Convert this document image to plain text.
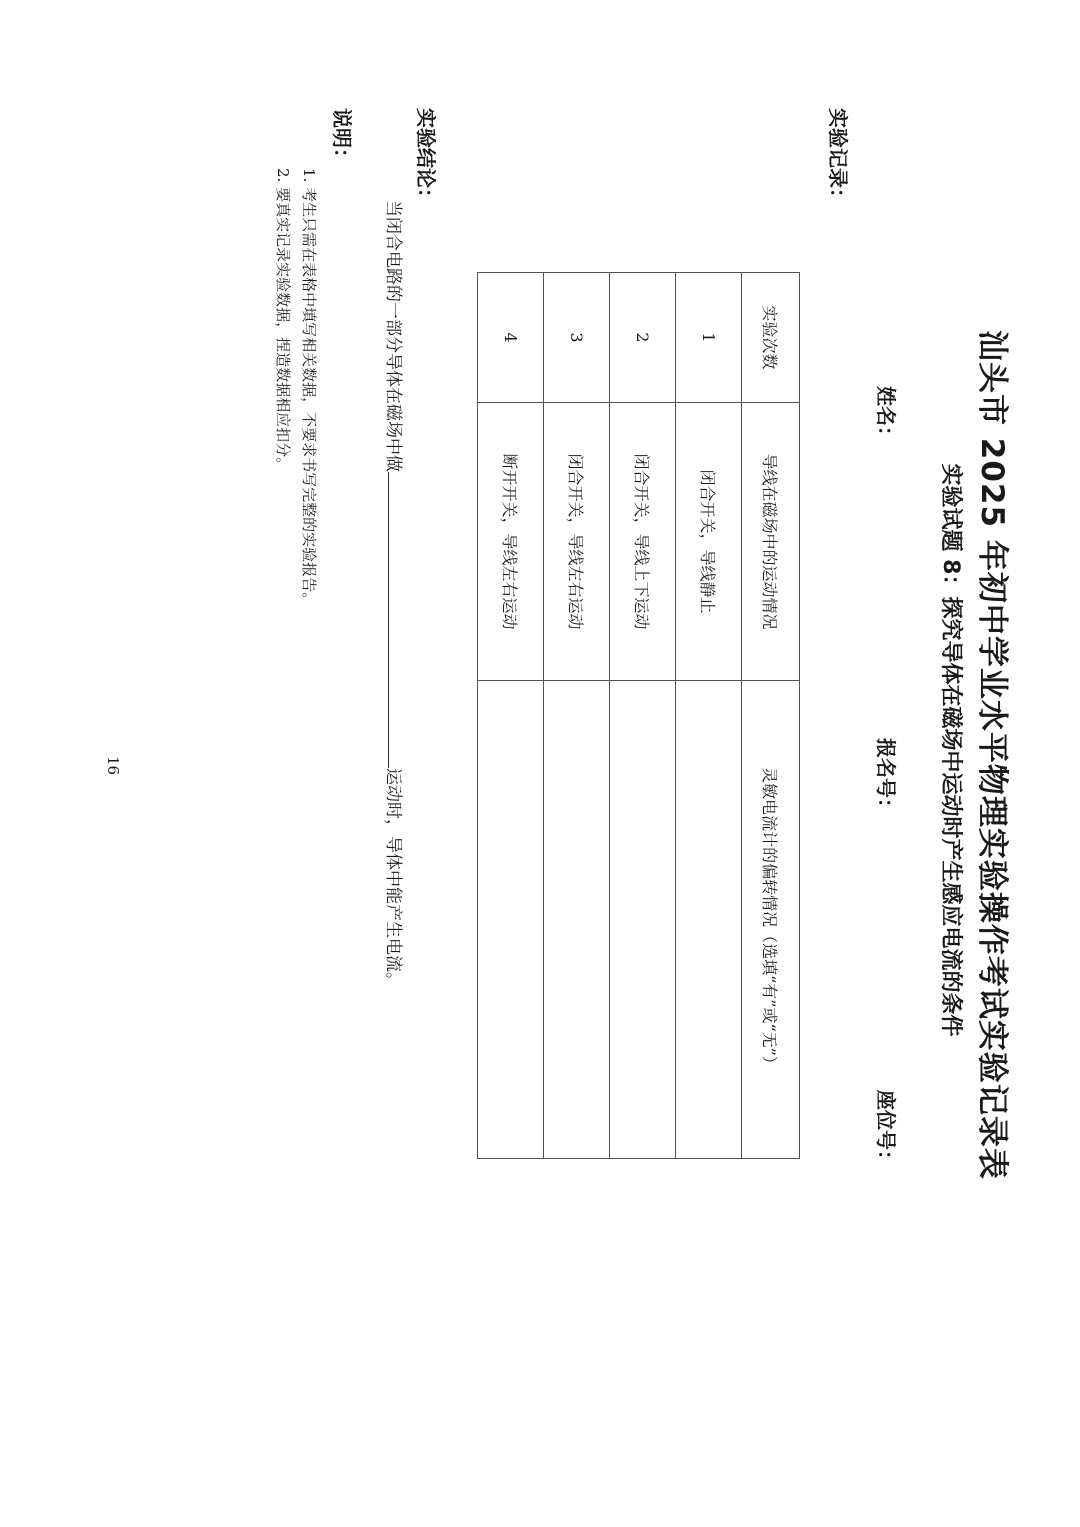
汕头市 2025 年初中学业水平物理实验操作考试实验记录表
实验试题 8：探究导体在磁场中运动时产生感应电流的条件
姓名：
报名号：
座位号：
实验记录：
实验次数	导线在磁场中的运动情况	灵敏电流计的偏转情况（选填“有”或“无”）
1	闭合开关，导线静止	
2	闭合开关，导线上下运动	
3	闭合开关，导线左右运动	
4	断开开关，导线左右运动	
实验结论：
当闭合电路的一部分导体在磁场中做运动时，导体中能产生电流。
说明：
1. 考生只需在表格中填写相关数据，不要求书写完整的实验报告。
2. 要真实记录实验数据，捏造数据相应扣分。
16
